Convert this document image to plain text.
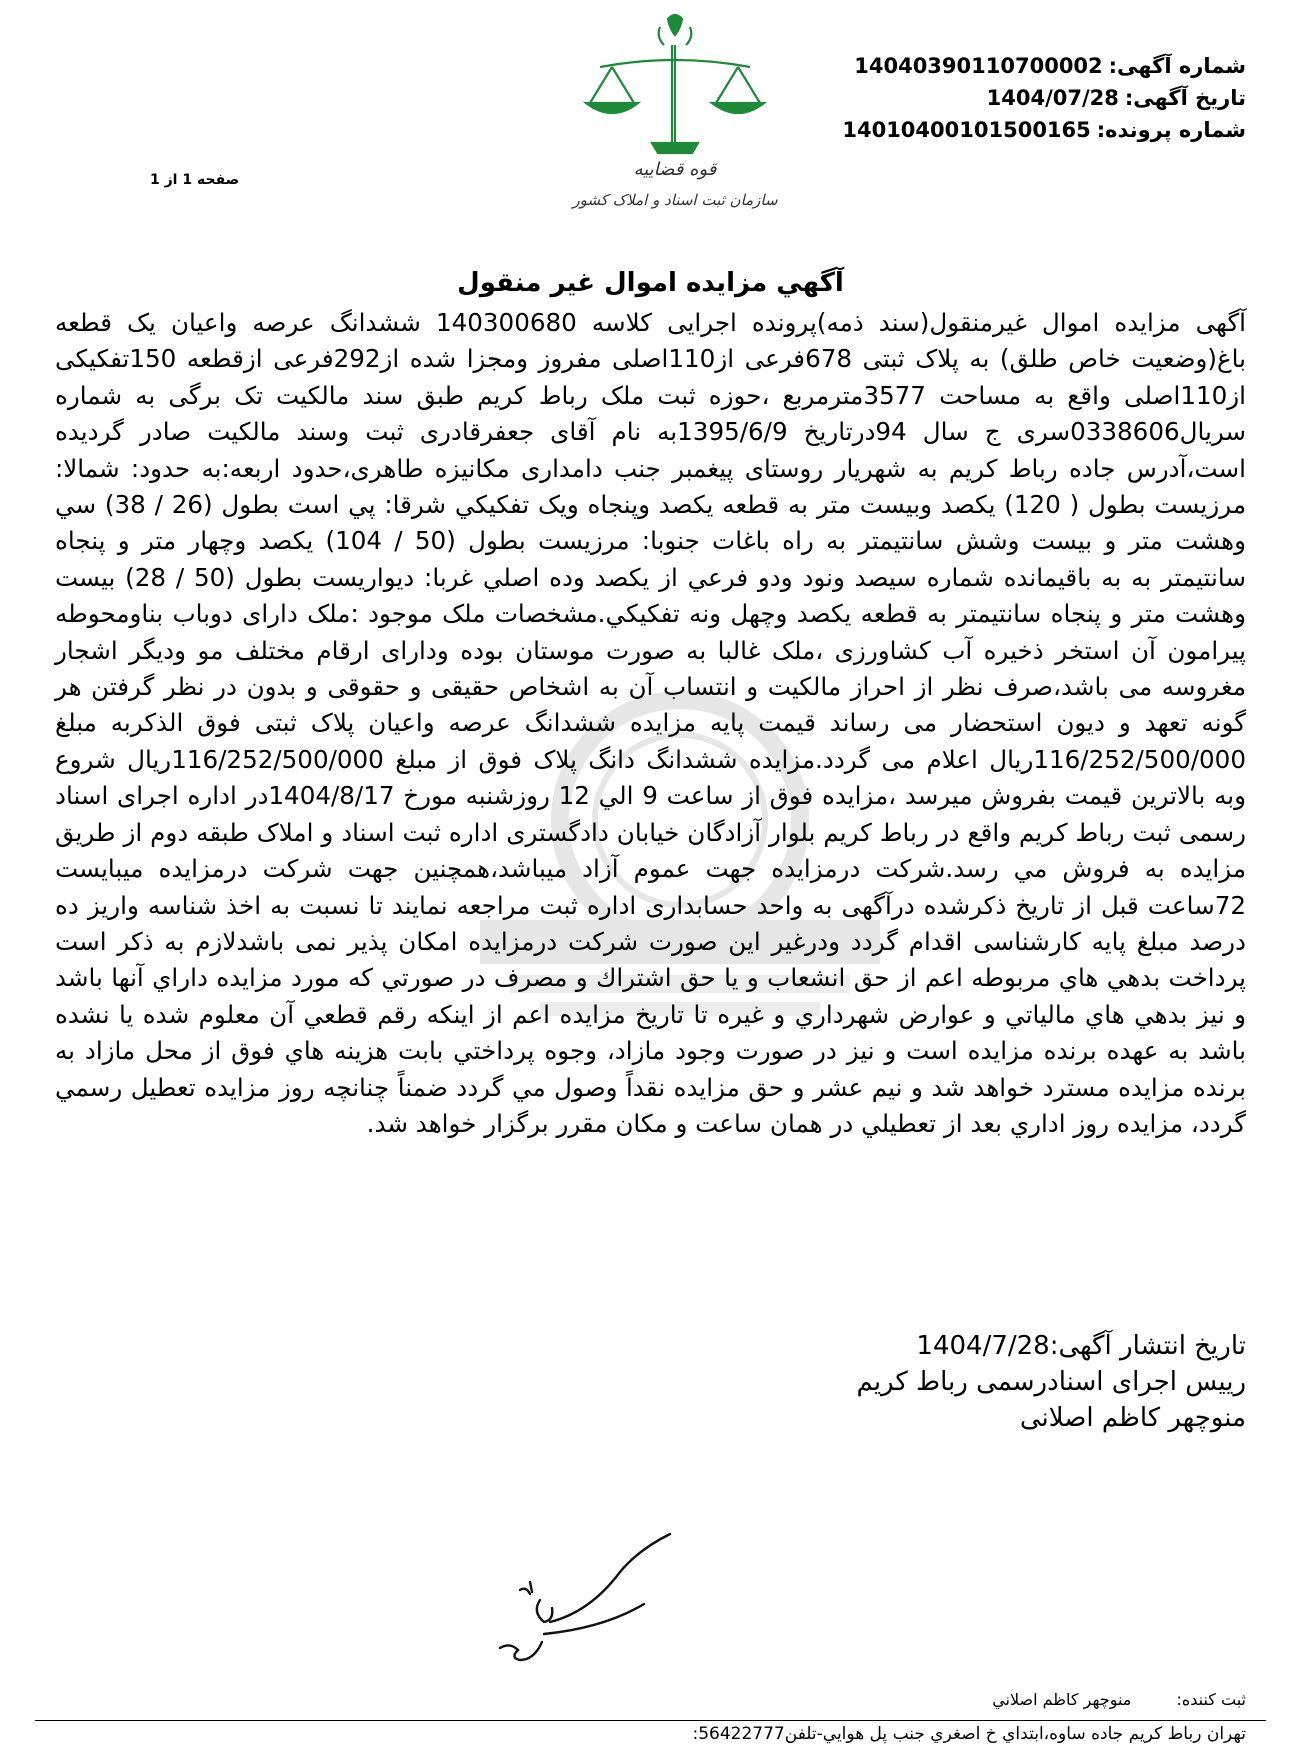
قوه قضاییه
سازمان ثبت اسناد و املاک کشور
شماره آگهی:
14040390110700002
تاریخ آگهی:
1404/07/28
شماره پرونده:
14010400101500165
صفحه 1 از 1
آگهي مزايده اموال غير منقول

آگهی مزایده اموال غیرمنقول(سند ذمه)پرونده اجرایی کلاسه 140300680 ششدانگ عرصه واعیان یک قطعه باغ(وضعیت خاص طلق) به پلاک ثبتی 678فرعی از110اصلی مفروز ومجزا شده از292فرعی ازقطعه 150تفکیکی از110اصلی واقع به مساحت 3577مترمربع ،حوزه ثبت ملک رباط کریم طبق سند مالکیت تک برگی به شماره سریال0338606سری ج سال 94درتاریخ 1395/6/9به نام آقای جعفرقادری ثبت وسند مالکیت صادر گردیده است،آدرس جاده رباط کریم به شهریار روستای پیغمبر جنب دامداری مکانیزه طاهری،حدود اربعه:به حدود: شمالا: مرزیست بطول ( 120) یکصد وبیست متر به قطعه یکصد وپنجاه ویک تفکیکي شرقا: پي است بطول (26 / 38) سي وهشت متر و بيست وشش سانتيمتر به راه باغات جنوبا: مرزيست بطول (50 / 104) يكصد وچهار متر و پنجاه سانتيمتر به به باقيمانده شماره سيصد ونود ودو فرعي از يكصد وده اصلي غربا: ديواريست بطول (50 / 28) بيست وهشت متر و پنجاه سانتيمتر به قطعه يكصد وچهل ونه تفكيكي.مشخصات ملک موجود :ملک دارای دوباب بناومحوطه پیرامون آن استخر ذخیره آب کشاورزی ،ملک غالبا به صورت موستان بوده ودارای ارقام مختلف مو ودیگر اشجار مغروسه می باشد،صرف نظر از احراز مالکیت و انتساب آن به اشخاص حقیقی و حقوقی و بدون در نظر گرفتن هر گونه تعهد و دیون استحضار می رساند قیمت پایه مزایده ششدانگ عرصه واعیان پلاک ثبتی فوق الذکربه مبلغ 116/252/500/000ریال اعلام می گردد.مزایده ششدانگ دانگ پلاک فوق از مبلغ 116/252/500/000ریال شروع وبه بالاترین قیمت بفروش میرسد ،مزایده فوق از ساعت 9 الي 12 روزشنبه مورخ 1404/8/17در اداره اجرای اسناد رسمی ثبت رباط کریم واقع در رباط کریم بلوار آزادگان خیابان دادگستری اداره ثبت اسناد و املاک طبقه دوم از طريق مزايده به فروش مي رسد.شرکت درمزایده جهت عموم آزاد میباشد،همچنین جهت شرکت درمزایده میبایست 72ساعت قبل از تاریخ ذکرشده درآگهی به واحد حسابداری اداره ثبت مراجعه نمایند تا نسبت به اخذ شناسه واریز ده درصد مبلغ پایه کارشناسی اقدام گردد ودرغیر این صورت شرکت درمزایده امکان پذیر نمی باشدلازم به ذکر است پرداخت بدهي هاي مربوطه اعم از حق انشعاب و يا حق اشتراك و مصرف در صورتي كه مورد مزايده داراي آنها باشد و نيز بدهي هاي مالياتي و عوارض شهرداري و غيره تا تاريخ مزايده اعم از اينكه رقم قطعي آن معلوم شده يا نشده باشد به عهده برنده مزايده است و نيز در صورت وجود مازاد، وجوه پرداختي بابت هزينه هاي فوق از محل مازاد به برنده مزايده مسترد خواهد شد و نيم عشر و حق مزايده نقداً وصول مي گردد ضمناً چنانچه روز مزايده تعطيل رسمي گردد، مزايده روز اداري بعد از تعطيلي در همان ساعت و مكان مقرر برگزار خواهد شد.

تاریخ انتشار آگهی:1404/7/28
رییس اجرای اسنادرسمی رباط کریم
منوچهر کاظم اصلانی
ثبت کننده: منوچهر كاظم اصلاني
تهران رباط كريم جاده ساوه،ابتداي خ اصغري جنب پل هوايي-تلفن56422777:
